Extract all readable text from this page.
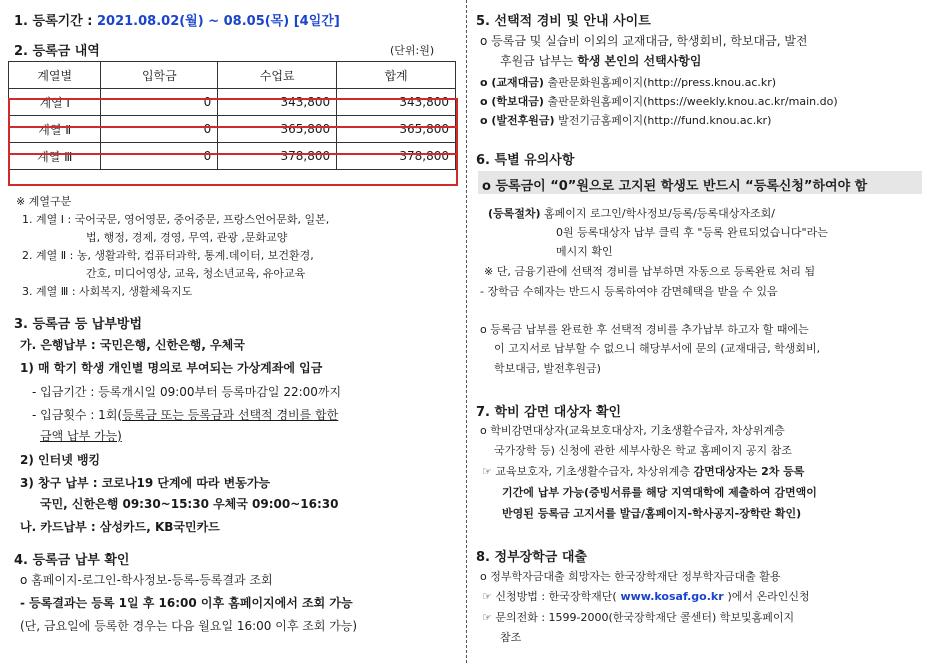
1. 등록기간 : 2021.08.02(월) ~ 08.05(목) [4일간]
2. 등록금 내역	(단위:원)
계열별	입학금	수업료	합계
계열 Ⅰ	0	343,800	343,800
계열 Ⅱ	0	365,800	365,800
계열 Ⅲ	0	378,800	378,800
※ 계열구분
1. 계열 Ⅰ : 국어국문, 영어영문, 중어중문, 프랑스언어문화, 일본,
법, 행정, 경제, 경영, 무역, 관광 ,문화교양
2. 계열 Ⅱ : 농, 생활과학, 컴퓨터과학, 통계.데이터, 보건환경,
간호, 미디어영상, 교육, 청소년교육, 유아교육
3. 계열 Ⅲ : 사회복지, 생활체육지도
3. 등록금 등 납부방법
가. 은행납부 : 국민은행, 신한은행, 우체국
1) 매 학기 학생 개인별 명의로 부여되는 가상계좌에 입금
- 입금기간 : 등록개시일 09:00부터 등록마감일 22:00까지
- 입금횟수 : 1회(등록금 또는 등록금과 선택적 경비를 합한
금액 납부 가능)
2) 인터넷 뱅킹
3) 창구 납부 : 코로나19 단계에 따라 변동가능
국민, 신한은행 09:30~15:30 우체국 09:00~16:30
나. 카드납부 : 삼성카드, KB국민카드
4. 등록금 납부 확인
o 홈페이지-로그인-학사정보-등록-등록결과 조회
- 등록결과는 등록 1일 후 16:00 이후 홈페이지에서 조회 가능
(단, 금요일에 등록한 경우는 다음 월요일 16:00 이후 조회 가능)
5. 선택적 경비 및 안내 사이트
o 등록금 및 실습비 이외의 교재대금, 학생회비, 학보대금, 발전
후원금 납부는 학생 본인의 선택사항임
o (교재대금) 출판문화원홈페이지(http://press.knou.ac.kr)
o (학보대금) 출판문화원홈페이지(https://weekly.knou.ac.kr/main.do)
o (발전후원금) 발전기금홈페이지(http://fund.knou.ac.kr)
6. 특별 유의사항
o 등록금이 “0”원으로 고지된 학생도 반드시 “등록신청”하여야 함
(등록절차) 홈페이지 로그인/학사정보/등록/등록대상자조회/
0원 등록대상자 납부 클릭 후 "등록 완료되었습니다"라는
메시지 확인
※ 단, 금융기관에 선택적 경비를 납부하면 자동으로 등록완료 처리 됨
- 장학금 수혜자는 반드시 등록하여야 감면혜택을 받을 수 있음
o 등록금 납부를 완료한 후 선택적 경비를 추가납부 하고자 할 때에는
이 고지서로 납부할 수 없으니 해당부서에 문의 (교재대금, 학생회비,
학보대금, 발전후원금)
7. 학비 감면 대상자 확인
o 학비감면대상자(교육보호대상자, 기초생활수급자, 차상위계층
국가장학 등) 신청에 관한 세부사항은 학교 홈페이지 공지 참조
☞ 교육보호자, 기초생활수급자, 차상위계층 감면대상자는 2차 등록
기간에 납부 가능(증빙서류를 해당 지역대학에 제출하여 감면액이
반영된 등록금 고지서를 발급/홈페이지-학사공지-장학란 확인)
8. 정부장학금 대출
o 정부학자금대출 희망자는 한국장학재단 정부학자금대출 활용
☞ 신청방법 : 한국장학재단( www.kosaf.go.kr )에서 온라인신청
☞ 문의전화 : 1599-2000(한국장학재단 콜센터) 학보및홈페이지
참조
